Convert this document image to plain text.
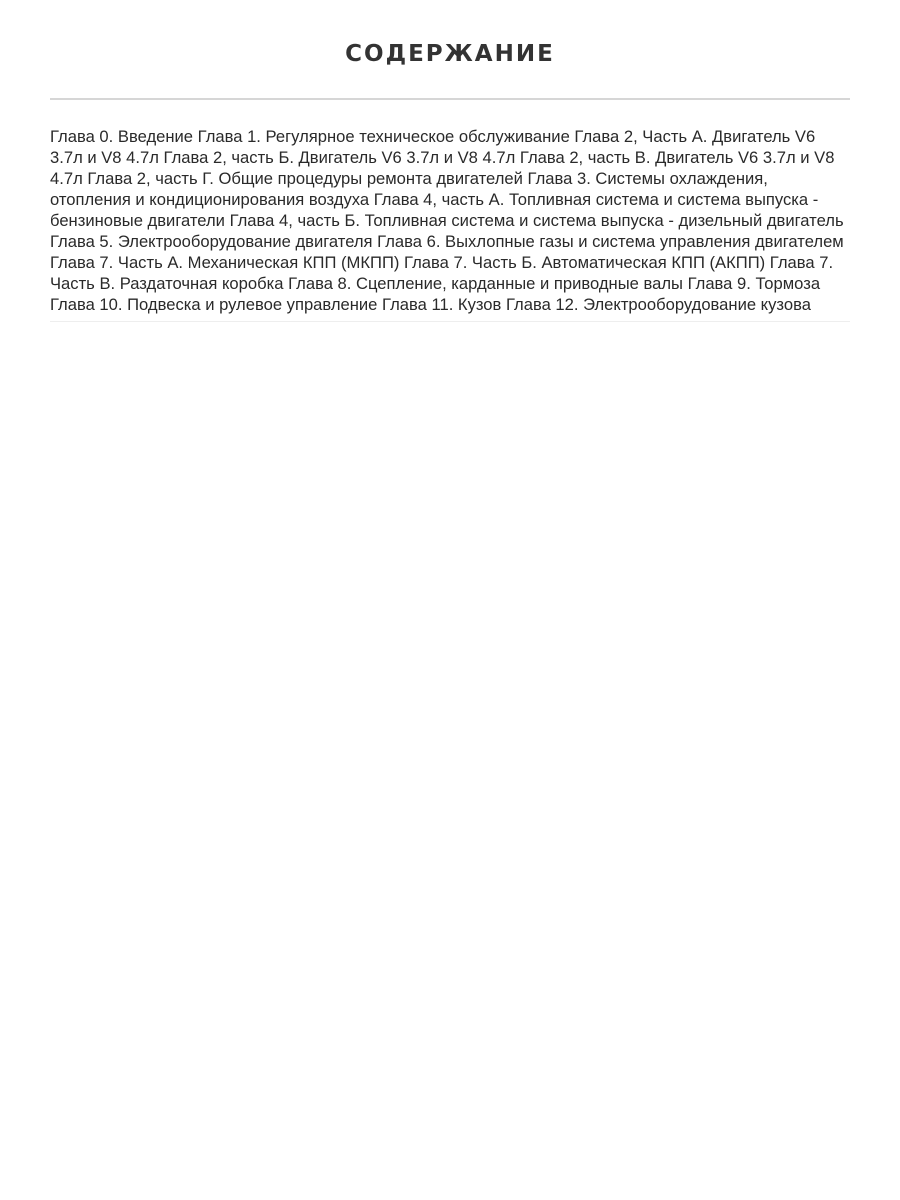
СОДЕРЖАНИЕ
Глава 0. Введение Глава 1. Регулярное техническое обслуживание Глава 2, Часть А. Двигатель V6 3.7л и V8 4.7л Глава 2, часть Б. Двигатель V6 3.7л и V8 4.7л Глава 2, часть В. Двигатель V6 3.7л и V8 4.7л Глава 2, часть Г. Общие процедуры ремонта двигателей Глава 3. Системы охлаждения, отопления и кондиционирования воздуха Глава 4, часть А. Топливная система и система выпуска - бензиновые двигатели Глава 4, часть Б. Топливная система и система выпуска - дизельный двигатель Глава 5. Электрооборудование двигателя Глава 6. Выхлопные газы и система управления двигателем Глава 7. Часть А. Механическая КПП (МКПП) Глава 7. Часть Б. Автоматическая КПП (АКПП) Глава 7. Часть В. Раздаточная коробка Глава 8. Сцепление, карданные и приводные валы Глава 9. Тормоза Глава 10. Подвеска и рулевое управление Глава 11. Кузов Глава 12. Электрооборудование кузова
